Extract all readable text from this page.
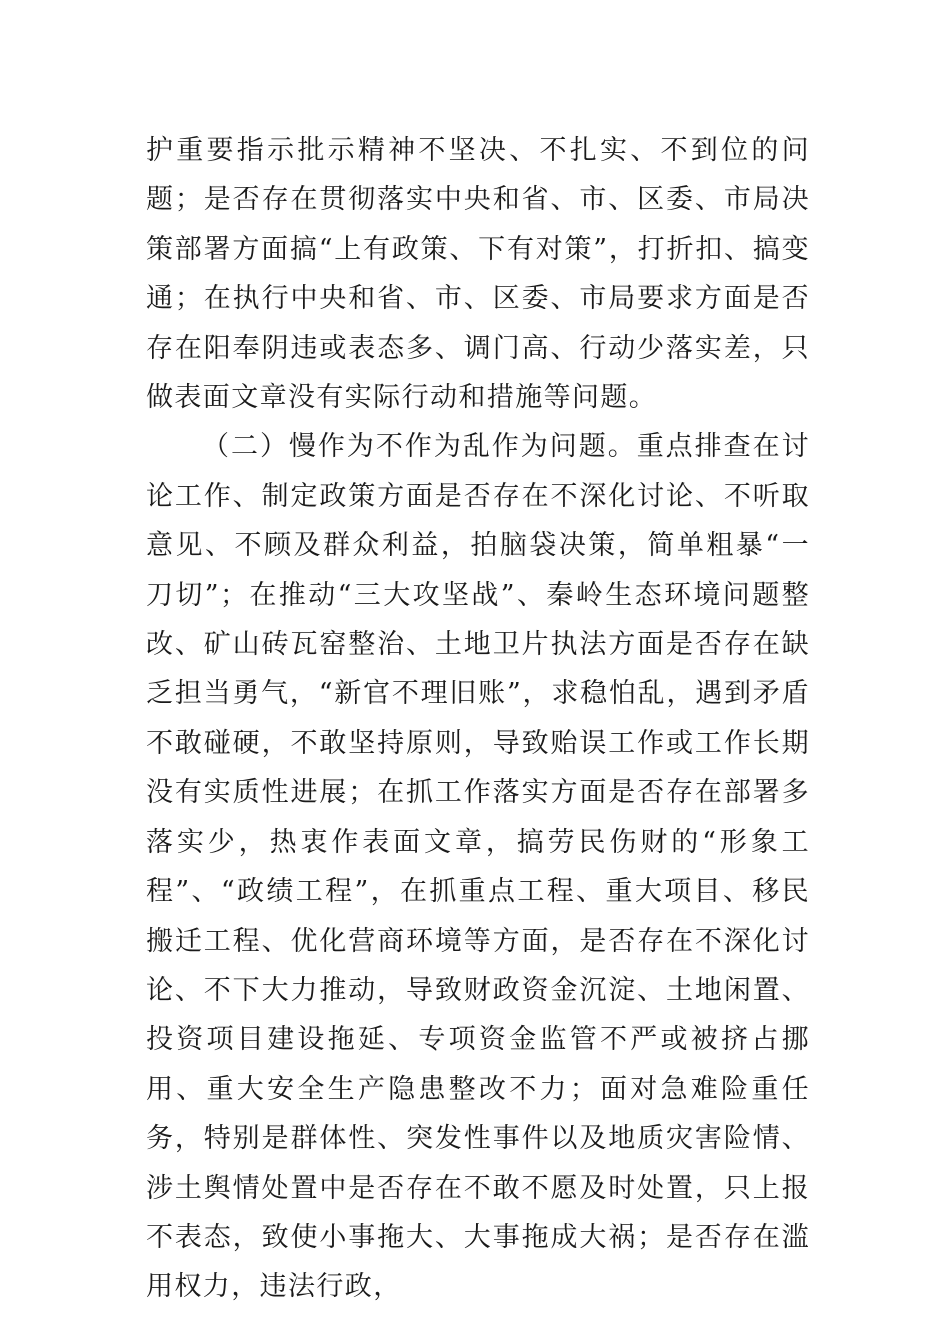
护重要指示批示精神不坚决、不扎实、不到位的问题；是否存在贯彻落实中央和省、市、区委、市局决策部署方面搞“上有政策、下有对策”，打折扣、搞变通；在执行中央和省、市、区委、市局要求方面是否存在阳奉阴违或表态多、调门高、行动少落实差，只做表面文章没有实际行动和措施等问题。

（二）慢作为不作为乱作为问题。重点排查在讨论工作、制定政策方面是否存在不深化讨论、不听取意见、不顾及群众利益，拍脑袋决策，简单粗暴“一刀切”；在推动“三大攻坚战”、秦岭生态环境问题整改、矿山砖瓦窑整治、土地卫片执法方面是否存在缺乏担当勇气，“新官不理旧账”，求稳怕乱，遇到矛盾不敢碰硬，不敢坚持原则，导致贻误工作或工作长期没有实质性进展；在抓工作落实方面是否存在部署多落实少，热衷作表面文章，搞劳民伤财的“形象工程”、“政绩工程”，在抓重点工程、重大项目、移民搬迁工程、优化营商环境等方面，是否存在不深化讨论、不下大力推动，导致财政资金沉淀、土地闲置、投资项目建设拖延、专项资金监管不严或被挤占挪用、重大安全生产隐患整改不力；面对急难险重任务，特别是群体性、突发性事件以及地质灾害险情、涉土舆情处置中是否存在不敢不愿及时处置，只上报不表态，致使小事拖大、大事拖成大祸；是否存在滥用权力，违法行政，
